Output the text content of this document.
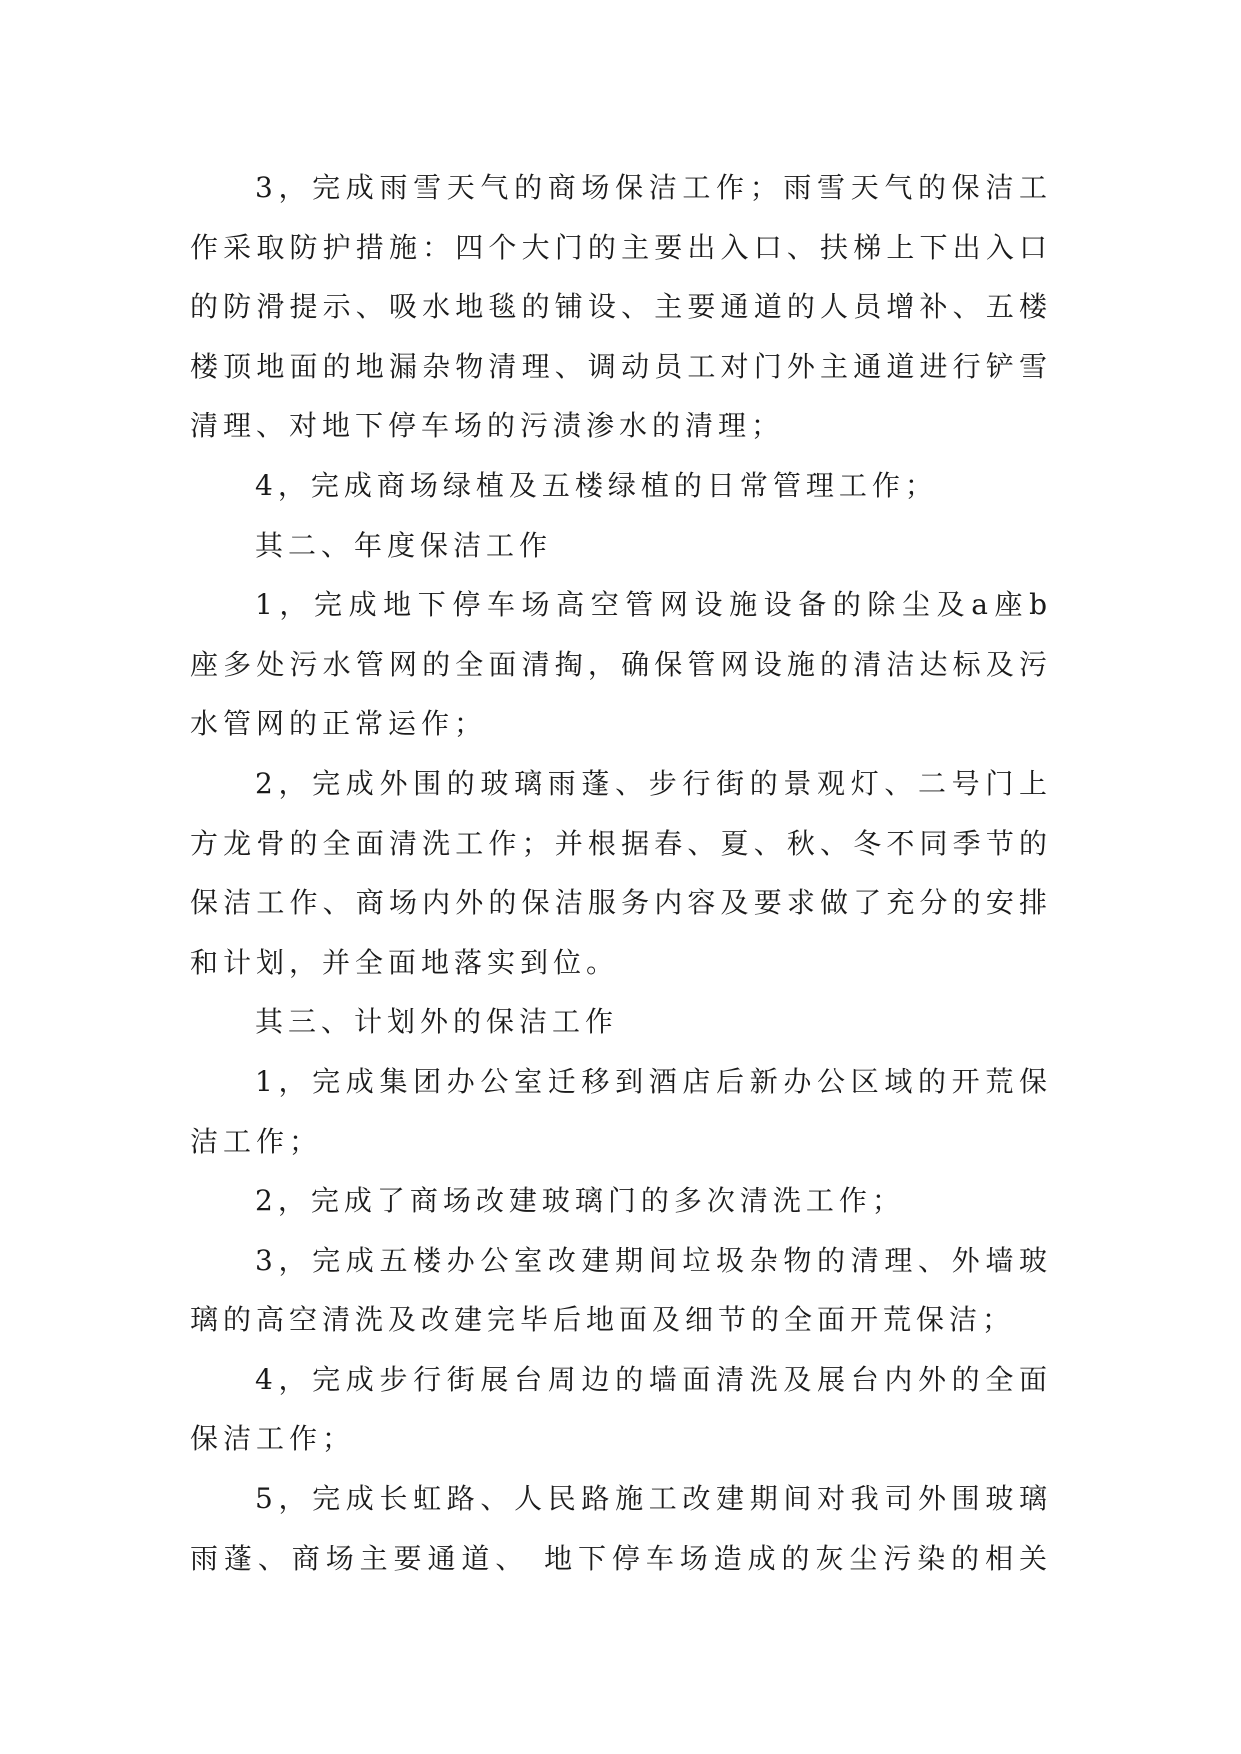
3，完成雨雪天气的商场保洁工作；雨雪天气的保洁工
作采取防护措施：四个大门的主要出入口、扶梯上下出入口
的防滑提示、吸水地毯的铺设、主要通道的人员增补、五楼
楼顶地面的地漏杂物清理、调动员工对门外主通道进行铲雪
清理、对地下停车场的污渍渗水的清理；
4，完成商场绿植及五楼绿植的日常管理工作；
其二、年度保洁工作
1，完成地下停车场高空管网设施设备的除尘及a座b
座多处污水管网的全面清掏，确保管网设施的清洁达标及污
水管网的正常运作；
2，完成外围的玻璃雨蓬、步行街的景观灯、二号门上
方龙骨的全面清洗工作；并根据春、夏、秋、冬不同季节的
保洁工作、商场内外的保洁服务内容及要求做了充分的安排
和计划，并全面地落实到位。
其三、计划外的保洁工作
1，完成集团办公室迁移到酒店后新办公区域的开荒保
洁工作；
2，完成了商场改建玻璃门的多次清洗工作；
3，完成五楼办公室改建期间垃圾杂物的清理、外墙玻
璃的高空清洗及改建完毕后地面及细节的全面开荒保洁；
4，完成步行街展台周边的墙面清洗及展台内外的全面
保洁工作；
5，完成长虹路、人民路施工改建期间对我司外围玻璃
雨蓬、商场主要通道、 地下停车场造成的灰尘污染的相关
